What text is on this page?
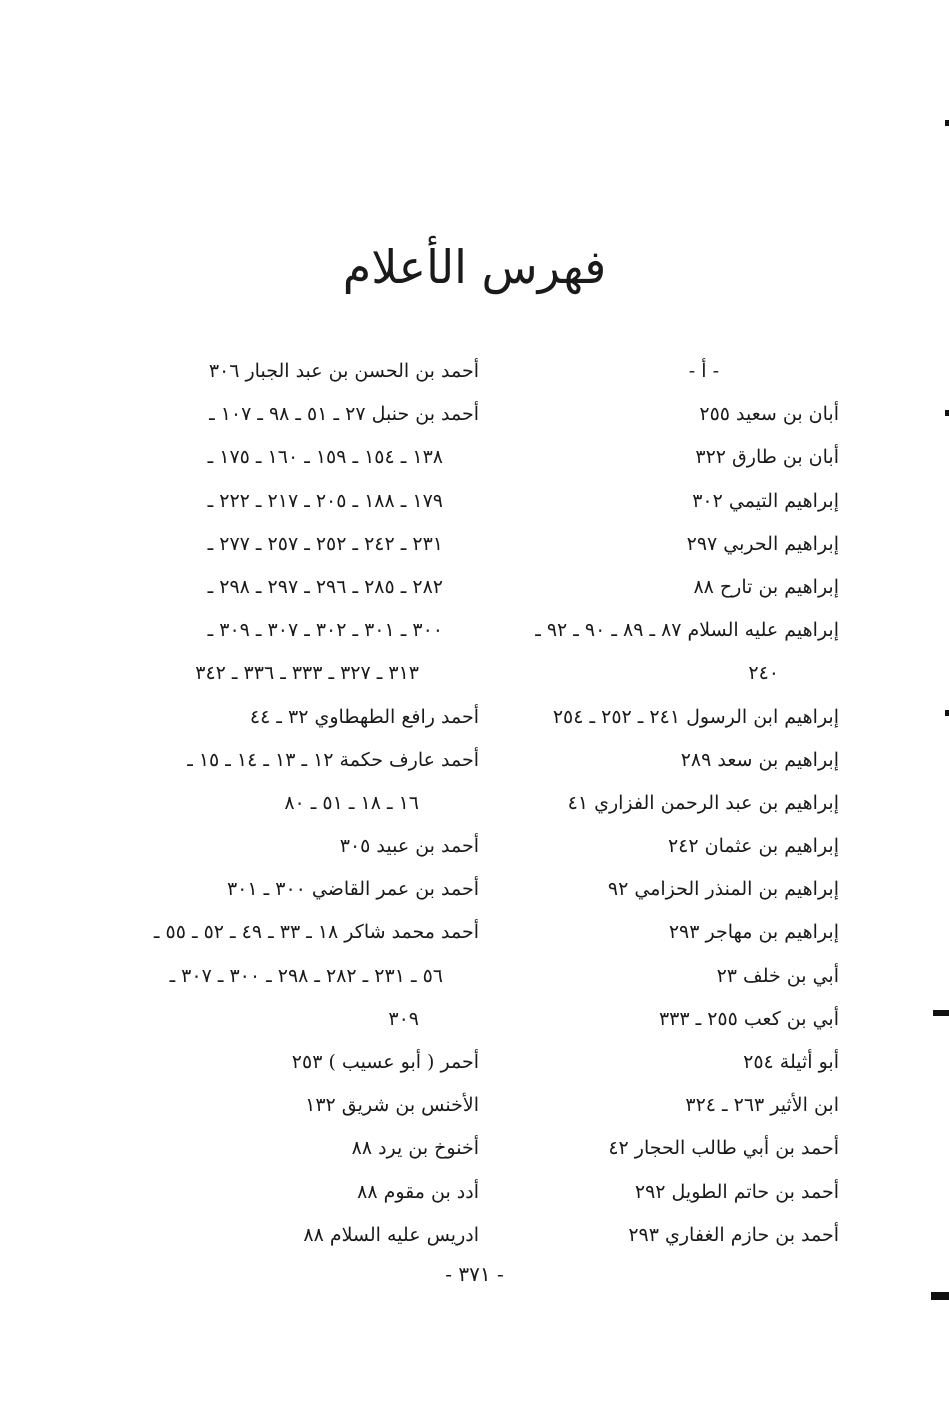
فهرس الأعلام
- أ -
أبان بن سعيد ٢٥٥
أبان بن طارق ٣٢٢
إبراهيم التيمي ٣٠٢
إبراهيم الحربي ٢٩٧
إبراهيم بن تارح ٨٨
إبراهيم عليه السلام ٨٧ ـ ٨٩ ـ ٩٠ ـ ٩٢ ـ
٢٤٠
إبراهيم ابن الرسول ٢٤١ ـ ٢٥٢ ـ ٢٥٤
إبراهيم بن سعد ٢٨٩
إبراهيم بن عبد الرحمن الفزاري ٤١
إبراهيم بن عثمان ٢٤٢
إبراهيم بن المنذر الحزامي ٩٢
إبراهيم بن مهاجر ٢٩٣
أبي بن خلف ٢٣
أبي بن كعب ٢٥٥ ـ ٣٣٣
أبو أثيلة ٢٥٤
ابن الأثير ٢٦٣ ـ ٣٢٤
أحمد بن أبي طالب الحجار ٤٢
أحمد بن حاتم الطويل ٢٩٢
أحمد بن حازم الغفاري ٢٩٣
أحمد بن الحسن بن عبد الجبار ٣٠٦
أحمد بن حنبل ٢٧ ـ ٥١ ـ ٩٨ ـ ١٠٧ ـ
١٣٨ ـ ١٥٤ ـ ١٥٩ ـ ١٦٠ ـ ١٧٥ ـ
١٧٩ ـ ١٨٨ ـ ٢٠٥ ـ ٢١٧ ـ ٢٢٢ ـ
٢٣١ ـ ٢٤٢ ـ ٢٥٢ ـ ٢٥٧ ـ ٢٧٧ ـ
٢٨٢ ـ ٢٨٥ ـ ٢٩٦ ـ ٢٩٧ ـ ٢٩٨ ـ
٣٠٠ ـ ٣٠١ ـ ٣٠٢ ـ ٣٠٧ ـ ٣٠٩ ـ
٣١٣ ـ ٣٢٧ ـ ٣٣٣ ـ ٣٣٦ ـ ٣٤٢
أحمد رافع الطهطاوي ٣٢ ـ ٤٤
أحمد عارف حكمة ١٢ ـ ١٣ ـ ١٤ ـ ١٥ ـ
١٦ ـ ١٨ ـ ٥١ ـ ٨٠
أحمد بن عبيد ٣٠٥
أحمد بن عمر القاضي ٣٠٠ ـ ٣٠١
أحمد محمد شاكر ١٨ ـ ٣٣ ـ ٤٩ ـ ٥٢ ـ ٥٥ ـ
٥٦ ـ ٢٣١ ـ ٢٨٢ ـ ٢٩٨ ـ ٣٠٠ ـ ٣٠٧ ـ
٣٠٩
أحمر ( أبو عسيب ) ٢٥٣
الأخنس بن شريق ١٣٢
أخنوخ بن يرد ٨٨
أدد بن مقوم ٨٨
ادريس عليه السلام ٨٨
- ٣٧١ -
